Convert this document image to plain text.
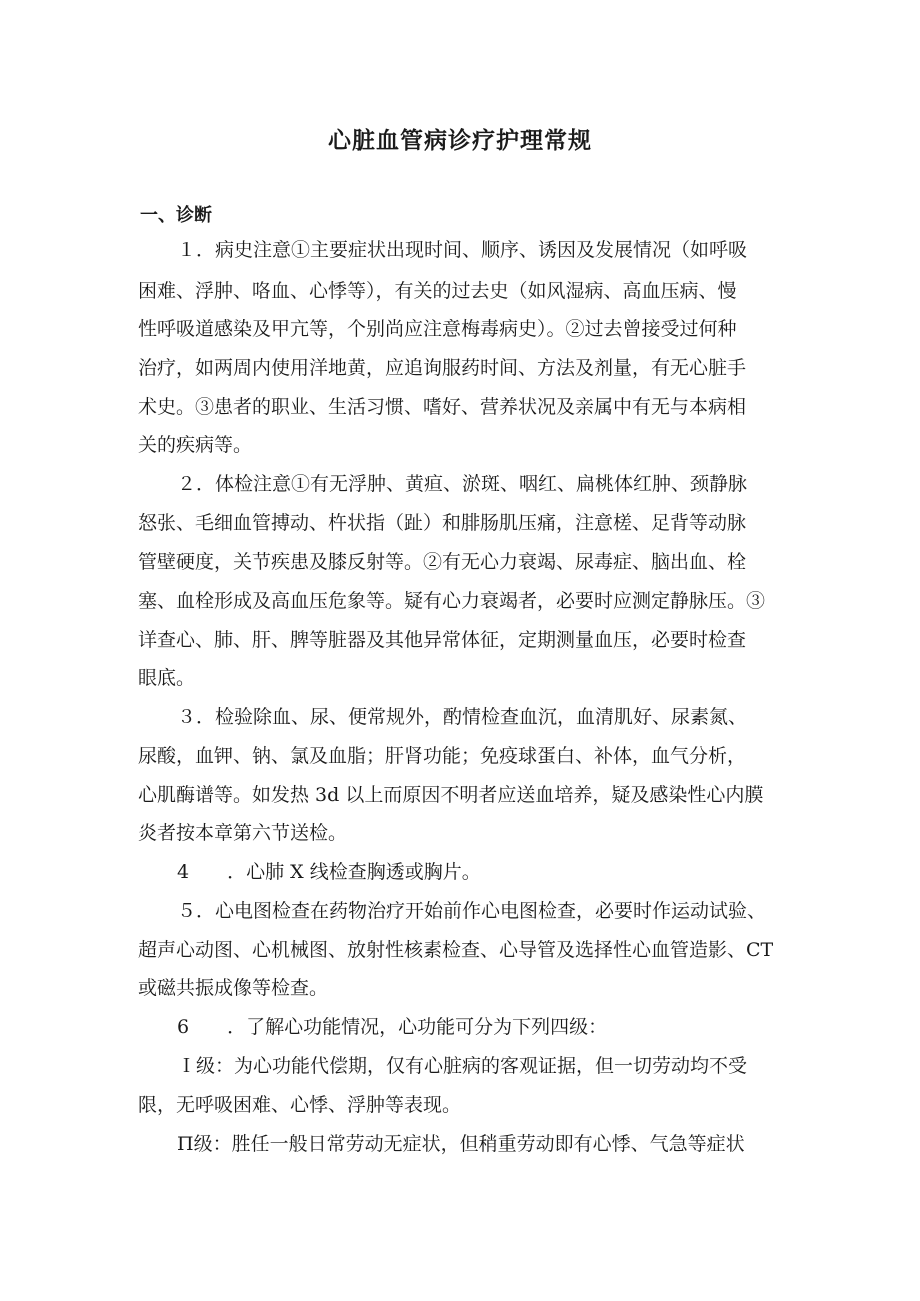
心脏血管病诊疗护理常规
一、诊断
１．病史注意①主要症状出现时间、顺序、诱因及发展情况（如呼吸
困难、浮肿、咯血、心悸等），有关的过去史（如风湿病、高血压病、慢
性呼吸道感染及甲亢等，个别尚应注意梅毒病史）。②过去曾接受过何种
治疗，如两周内使用洋地黄，应追询服药时间、方法及剂量，有无心脏手
术史。③患者的职业、生活习惯、嗜好、营养状况及亲属中有无与本病相
关的疾病等。
２．体检注意①有无浮肿、黄疸、淤斑、咽红、扁桃体红肿、颈静脉
怒张、毛细血管搏动、杵状指（趾）和腓肠肌压痛，注意槎、足背等动脉
管壁硬度，关节疾患及膝反射等。②有无心力衰竭、尿毒症、脑出血、栓
塞、血栓形成及高血压危象等。疑有心力衰竭者，必要时应测定静脉压。③
详查心、肺、肝、脾等脏器及其他异常体征，定期测量血压，必要时检查
眼底。
３．检验除血、尿、便常规外，酌情检查血沉，血清肌好、尿素氮、
尿酸，血钾、钠、氯及血脂；肝肾功能；免疫球蛋白、补体，血气分析，
心肌酶谱等。如发热 3d 以上而原因不明者应送血培养，疑及感染性心内膜
炎者按本章第六节送检。
4　　．心肺 X 线检查胸透或胸片。
５．心电图检查在药物治疗开始前作心电图检查，必要时作运动试验、
超声心动图、心机械图、放射性核素检查、心导管及选择性心血管造影、CT
或磁共振成像等检查。
6　　．了解心功能情况，心功能可分为下列四级：
Ｉ级：为心功能代偿期，仅有心脏病的客观证据，但一切劳动均不受
限，无呼吸困难、心悸、浮肿等表现。
Π级：胜任一般日常劳动无症状，但稍重劳动即有心悸、气急等症状
